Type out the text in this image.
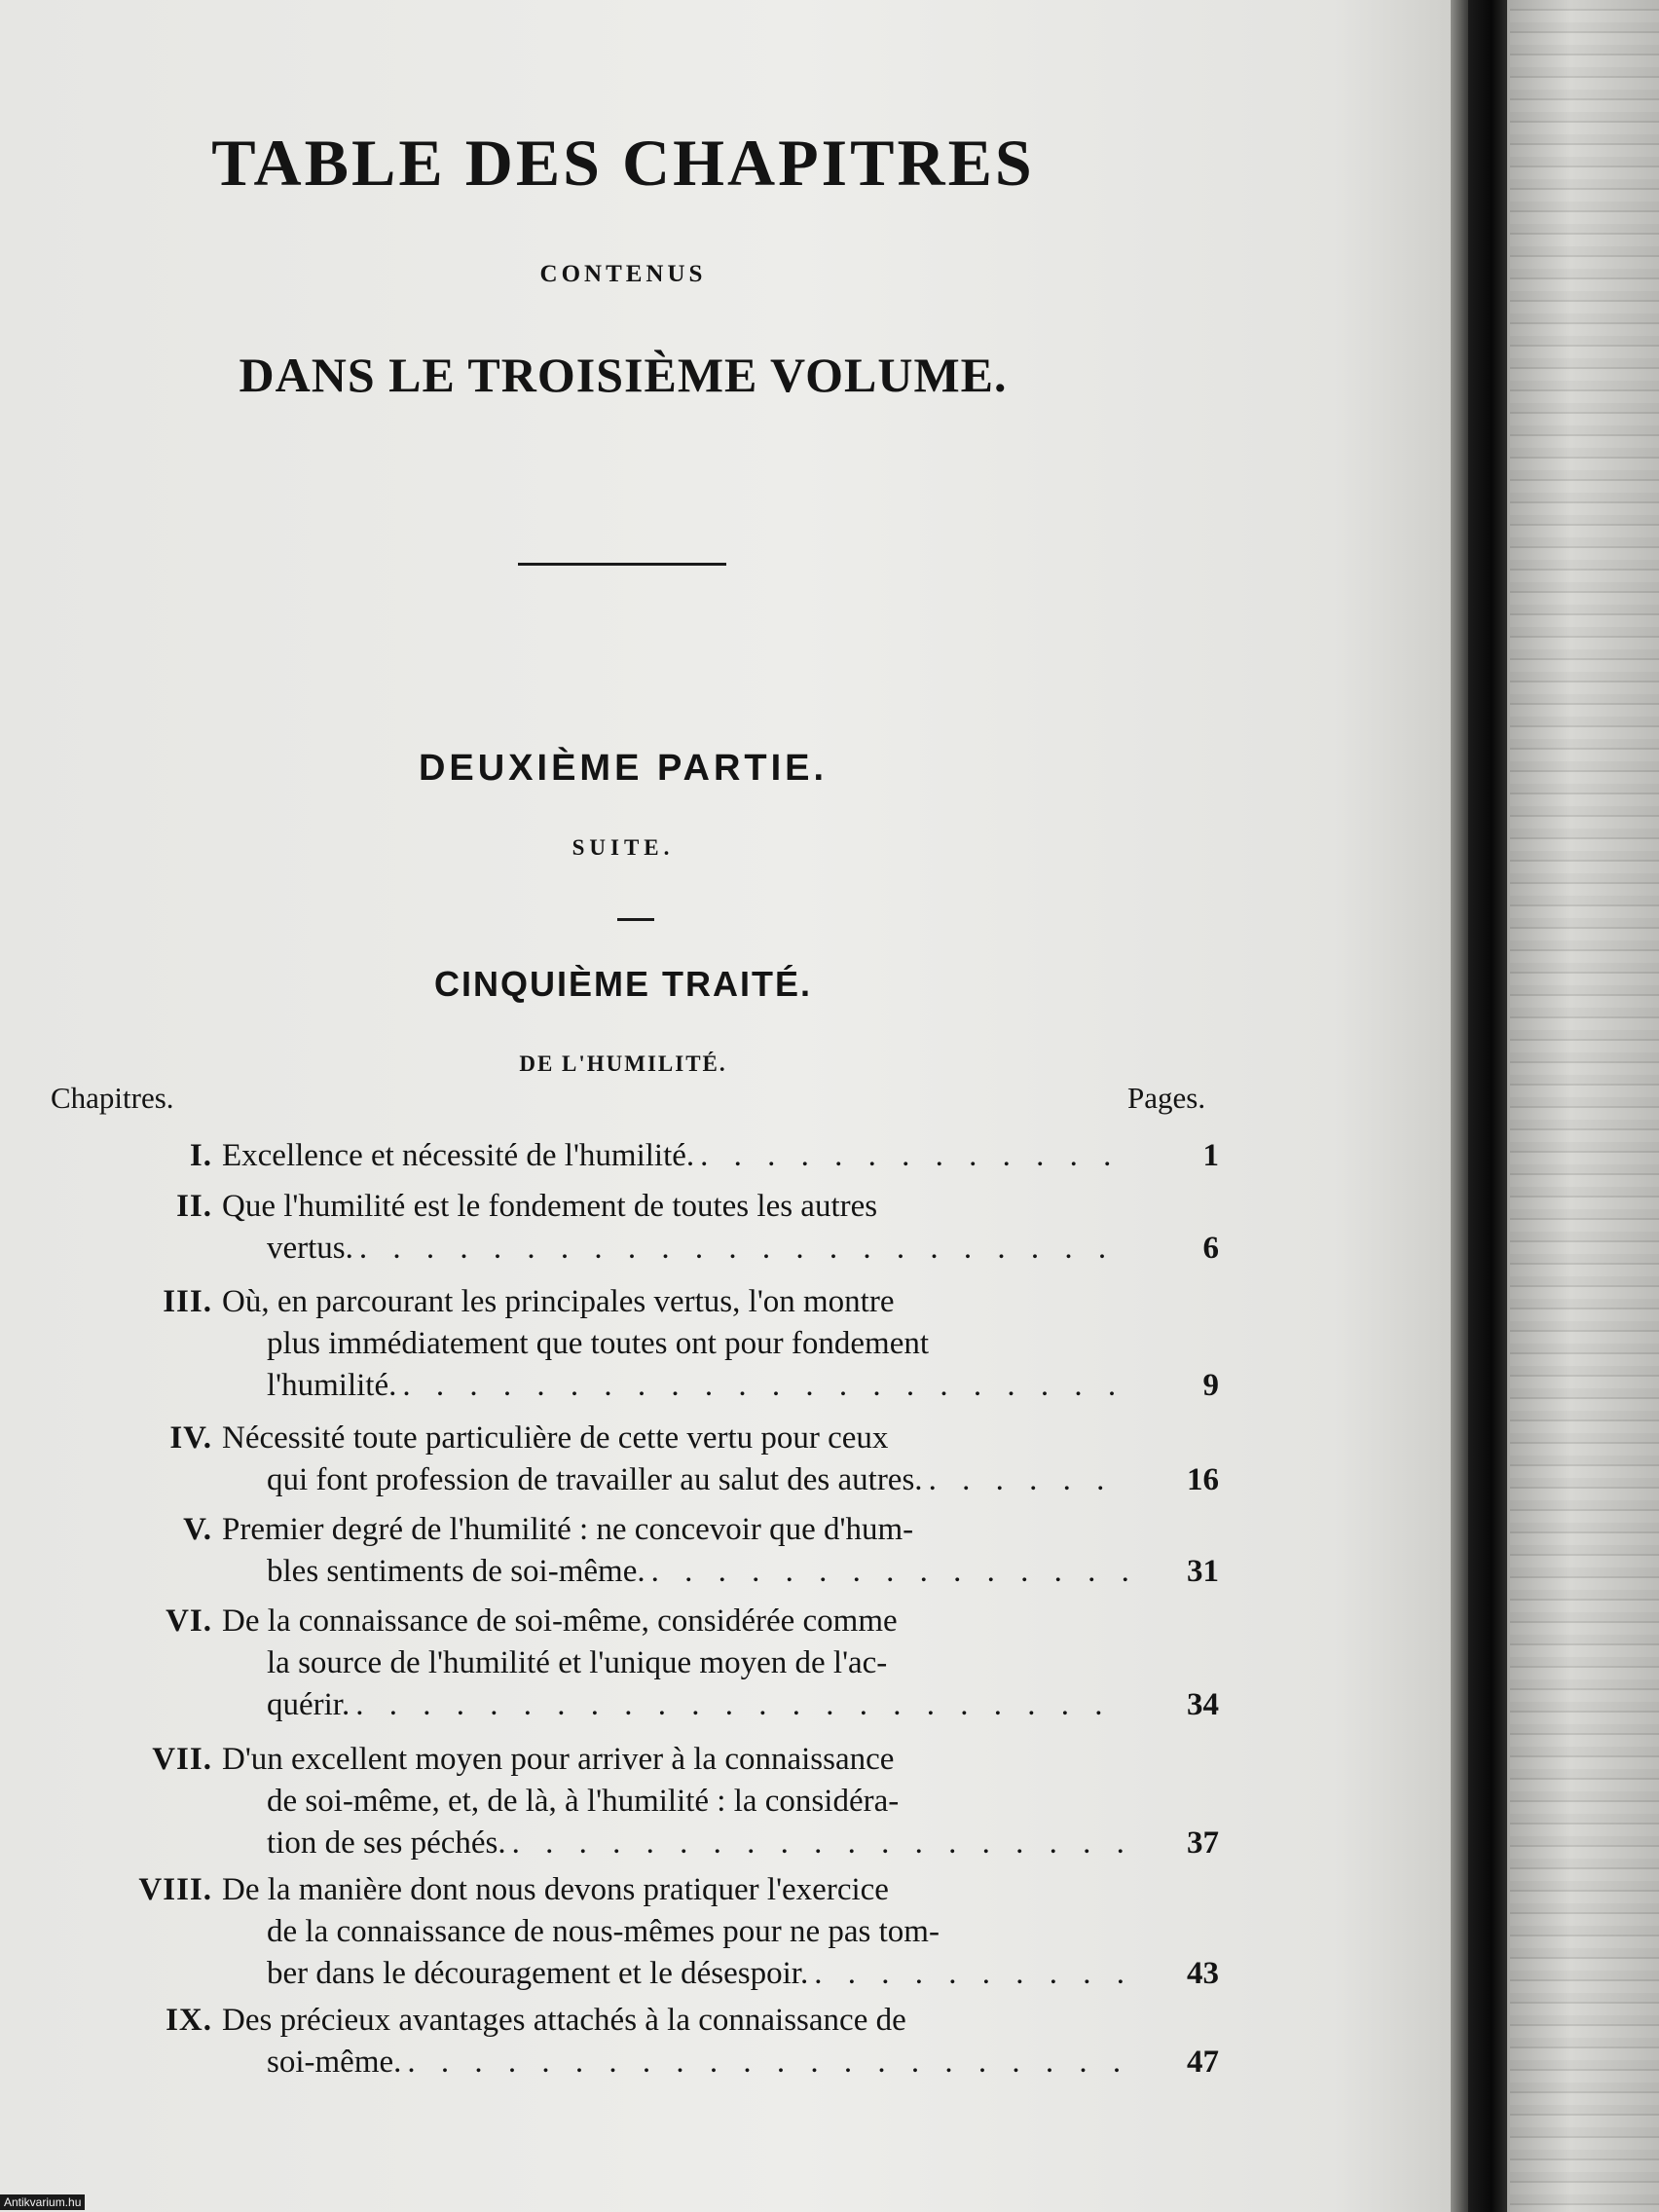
TABLE DES CHAPITRES
CONTENUS
DANS LE TROISIÈME VOLUME.
DEUXIÈME PARTIE.
SUITE.
CINQUIÈME TRAITÉ.
DE L'HUMILITÉ.
Chapitres.	Pages.
I. Excellence et nécessité de l'humilité. . . .	1
II. Que l'humilité est le fondement de toutes les autres
vertus. . . .	6
III. Où, en parcourant les principales vertus, l'on montre
plus immédiatement que toutes ont pour fondement
l'humilité. . . .	9
IV. Nécessité toute particulière de cette vertu pour ceux
qui font profession de travailler au salut des autres. . . .	16
V. Premier degré de l'humilité : ne concevoir que d'hum-
bles sentiments de soi-même. . . .	31
VI. De la connaissance de soi-même, considérée comme
la source de l'humilité et l'unique moyen de l'ac-
quérir. . . .	34
VII. D'un excellent moyen pour arriver à la connaissance
de soi-même, et, de là, à l'humilité : la considéra-
tion de ses péchés. . . .	37
VIII. De la manière dont nous devons pratiquer l'exercice
de la connaissance de nous-mêmes pour ne pas tom-
ber dans le découragement et le désespoir. . . .	43
IX. Des précieux avantages attachés à la connaissance de
soi-même. . . .	47
Antikvarium.hu
